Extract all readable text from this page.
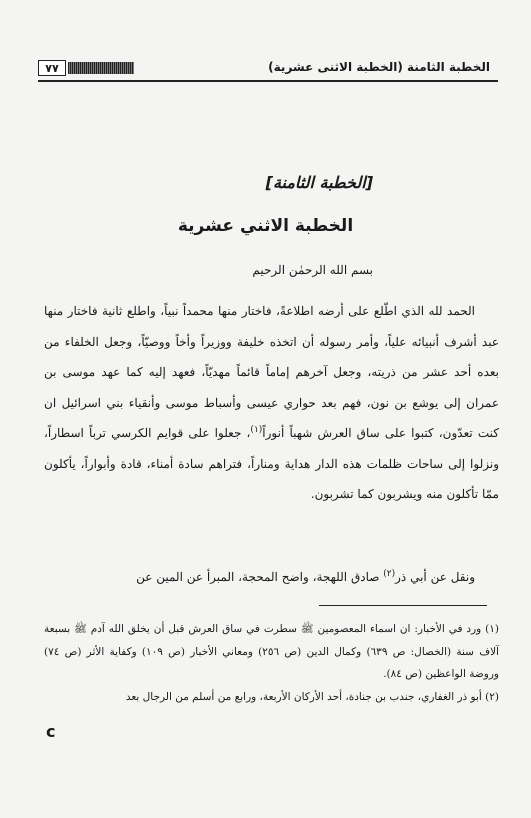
٧٧	الخطبة الثامنة (الخطبة الاثنى عشرية)
[الخطبة الثامنة]
الخطبة الاثني عشرية
بسم الله الرحمٰن الرحيم

الحمد لله الذي اطّلع على أرضه اطلاعةً، فاختار منها محمداً نبياً، واطلع ثانية فاختار منها عبد أشرف أنبيائه علياً، وأمر رسوله أن اتخذه خليفة ووزيراً وأخاً ووصيّاً، وجعل الخلفاء من بعده أحد عشر من ذريته، وجعل آخرهم إماماً قائماً مهديّاً، فعهد إليه كما عهد موسى بن عمران إلى يوشع بن نون، فهم بعد حواري عيسى وأسباط موسى وأنقياء بني اسرائيل ان كنت تعدّون، كتبوا على ساق العرش شهباً أنوراً$^{(١)}$، جعلوا على قوايم الكرسي ترباً اسطاراً، ونزلوا إلى ساحات ظلمات هذه الدار هداية ومناراً، فتراهم سادة أمناء، قادة وأبواراً، يأكلون ممّا تأكلون منه ويشربون كما تشربون.

ونقل عن أبي ذر$^{(٢)}$ صادق اللهجة، واضح المحجة، المبرأ عن المين عن

(١) ورد في الأخبار: ان اسماء المعصومين ﷺ سطرت في ساق العرش قبل أن يخلق الله آدم ﷺ بسبعة آلاف سنة (الخصال: ص ٦٣٩) وكمال الدين (ص ٢٥٦) ومعاني الأخبار (ص ١٠٩) وكفاية الأثر (ص ٧٤) وروضة الواعظين (ص ٨٤).

(٢) أبو ذر الغفاري، جندب بن جنادة، أحد الأركان الأربعة، ورابع من أسلم من الرجال بعد

c
